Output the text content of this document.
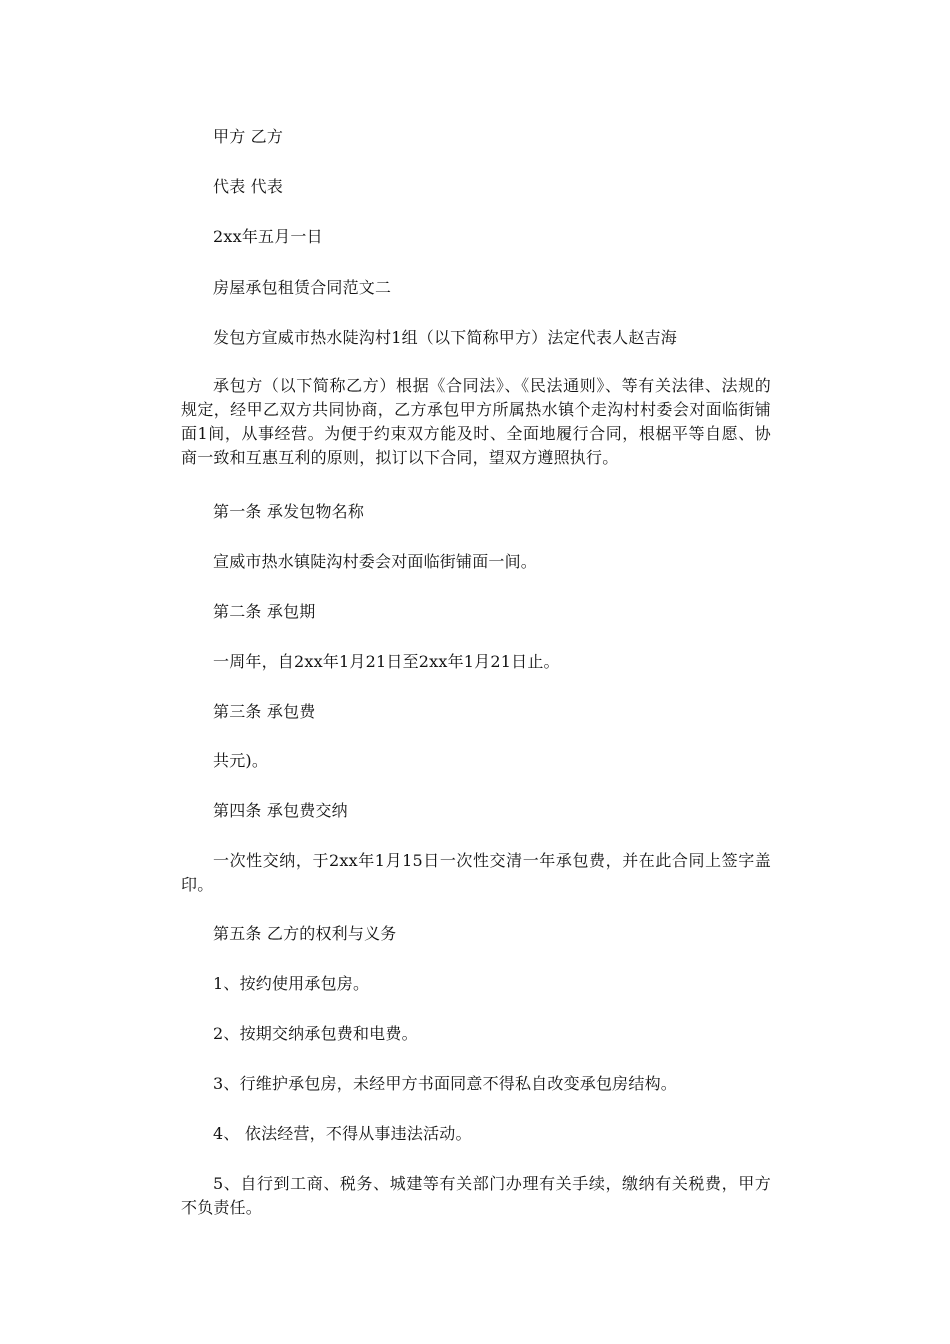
甲方 乙方

代表 代表

2xx年五月一日

房屋承包租赁合同范文二

发包方宣威市热水陡沟村1组（以下简称甲方）法定代表人赵吉海

承包方（以下简称乙方）根据《合同法》、《民法通则》、等有关法律、法规的规定，经甲乙双方共同协商，乙方承包甲方所属热水镇个走沟村村委会对面临街铺面1间，从事经营。为便于约束双方能及时、全面地履行合同，根椐平等自愿、协商一致和互惠互利的原则，拟订以下合同，望双方遵照执行。

第一条 承发包物名称

宣威市热水镇陡沟村委会对面临街铺面一间。

第二条 承包期

一周年，自2xx年1月21日至2xx年1月21日止。

第三条 承包费

共元)。

第四条 承包费交纳

一次性交纳，于2xx年1月15日一次性交清一年承包费，并在此合同上签字盖印。

第五条 乙方的权利与义务

1、按约使用承包房。

2、按期交纳承包费和电费。

3、行维护承包房，未经甲方书面同意不得私自改变承包房结构。

4、 依法经营，不得从事违法活动。

5、自行到工商、税务、城建等有关部门办理有关手续，缴纳有关税费，甲方不负责任。
